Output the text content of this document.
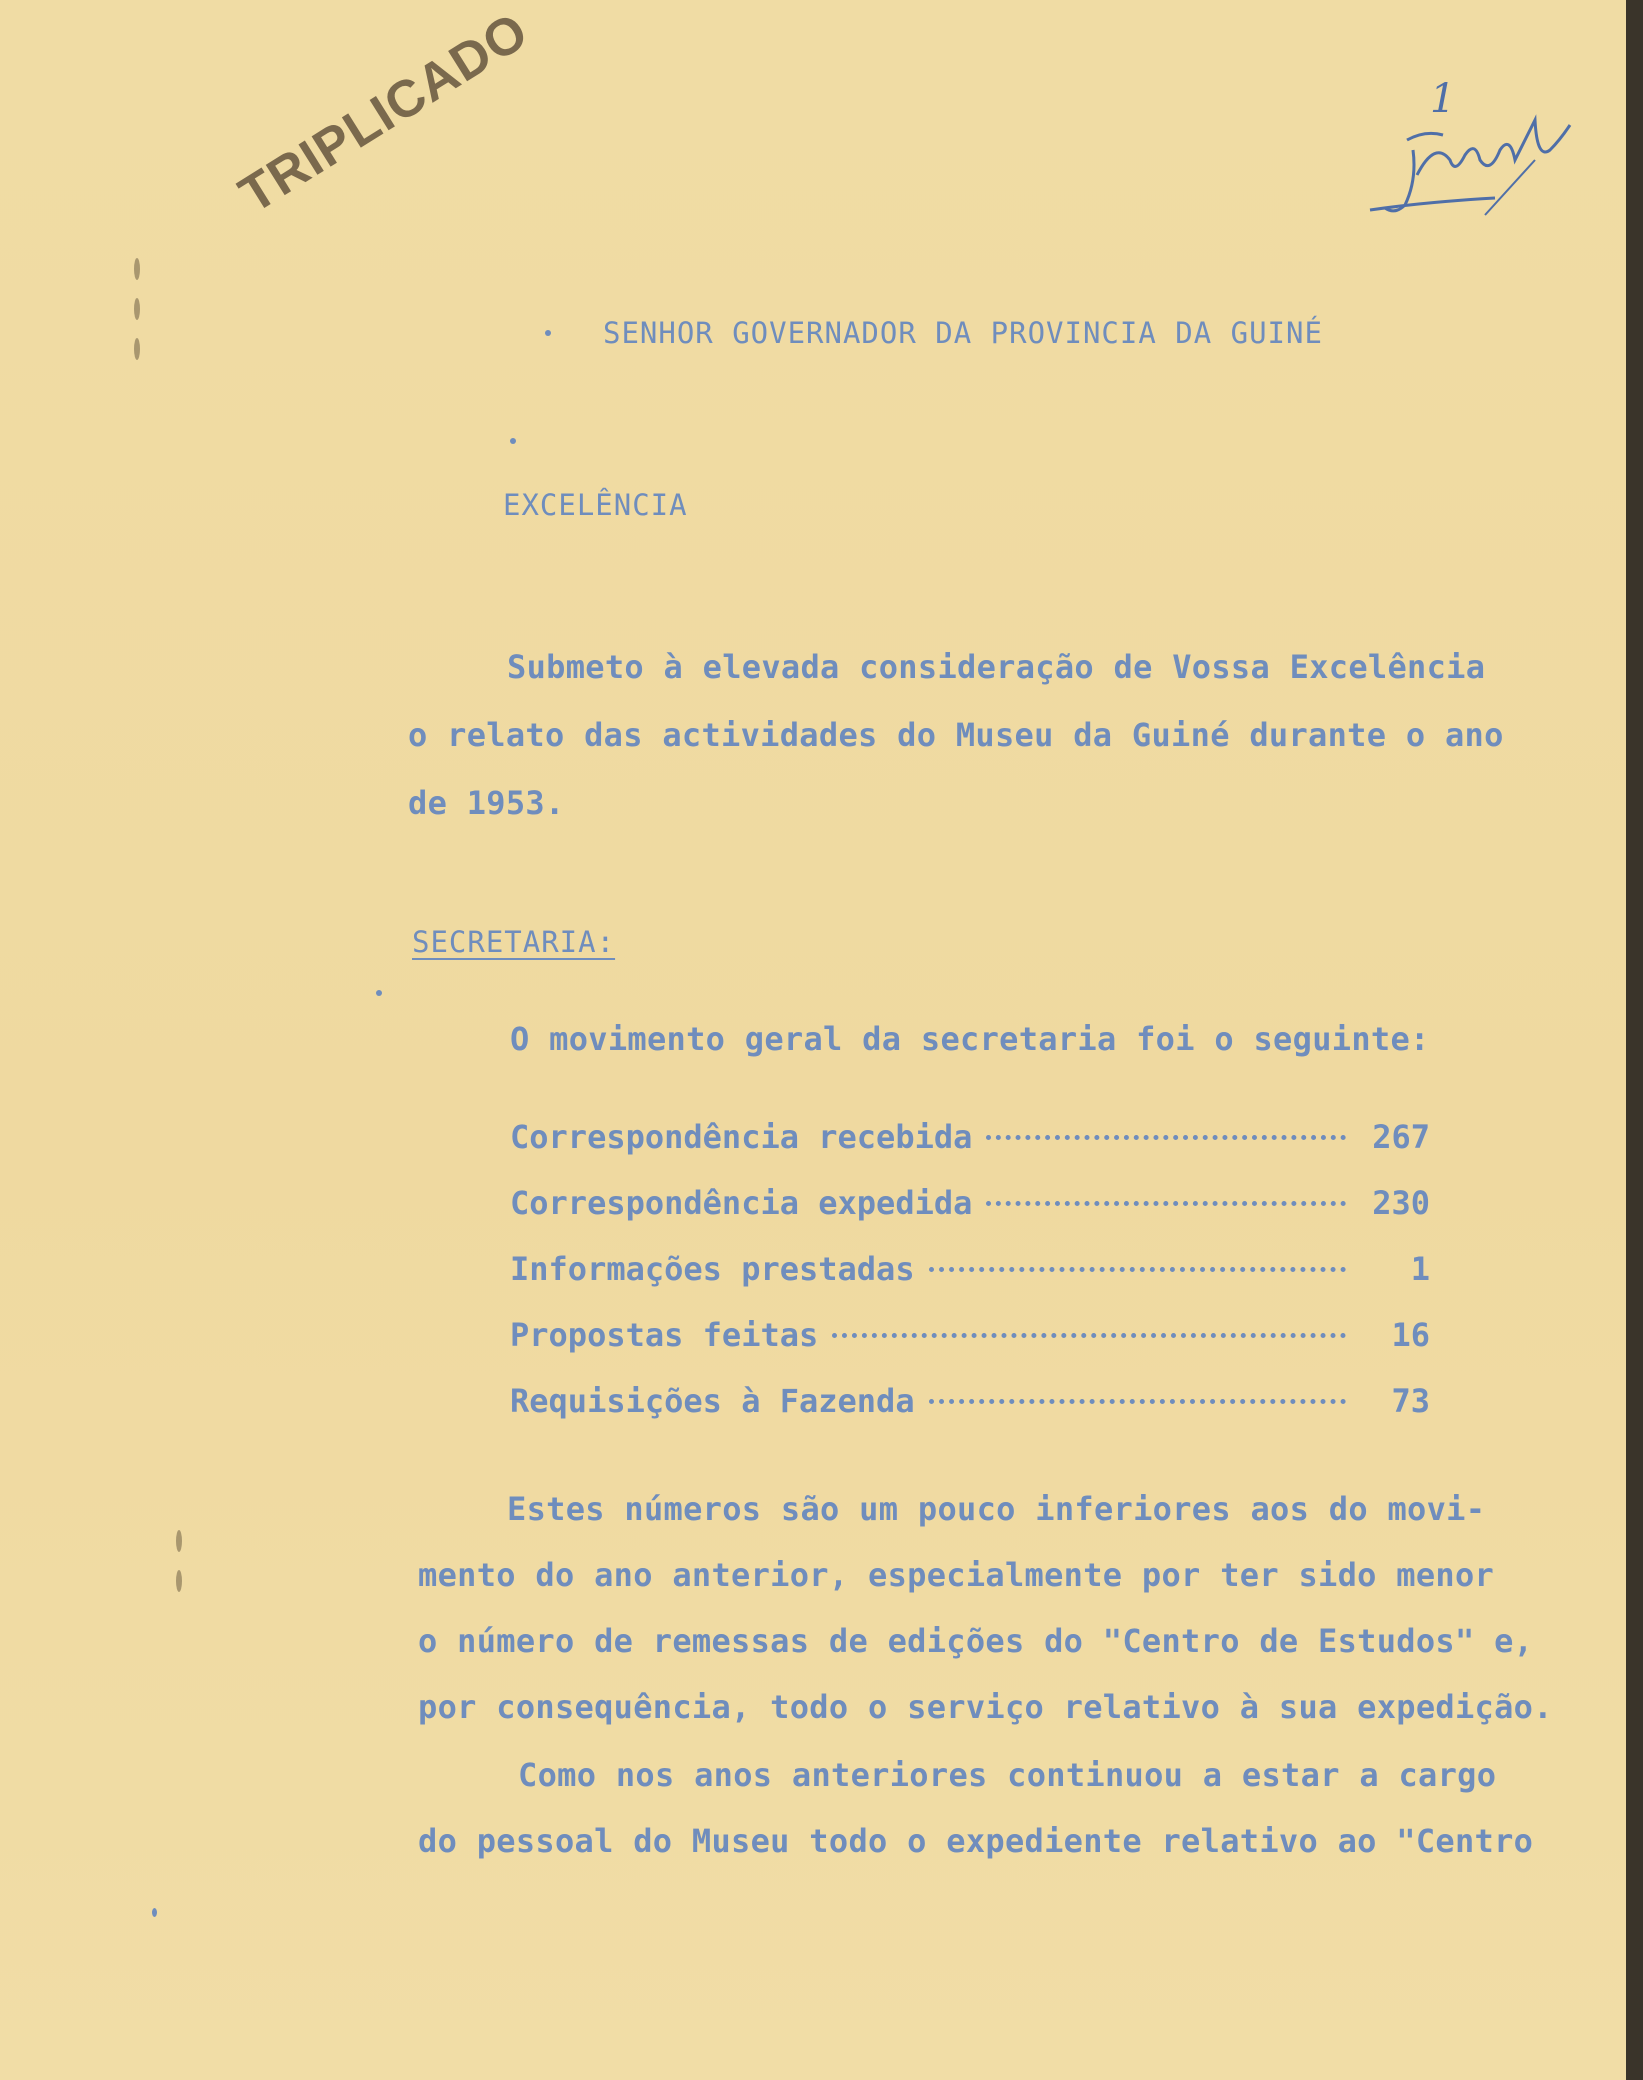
TRIPLICADO	1

SENHOR GOVERNADOR DA PROVINCIA DA GUINÉ

EXCELÊNCIA

Submeto à elevada consideração de Vossa Excelência

o relato das actividades do Museu da Guiné durante o ano

de 1953.

SECRETARIA:

O movimento geral da secretaria foi o seguinte:

Correspondência recebida	267
Correspondência expedida	230
Informações prestadas	1
Propostas feitas	16
Requisições à Fazenda	73

Estes números são um pouco inferiores aos do movi-

mento do ano anterior, especialmente por ter sido menor

o número de remessas de edições do "Centro de Estudos" e,

por consequência, todo o serviço relativo à sua expedição.

Como nos anos anteriores continuou a estar a cargo

do pessoal do Museu todo o expediente relativo ao "Centro
